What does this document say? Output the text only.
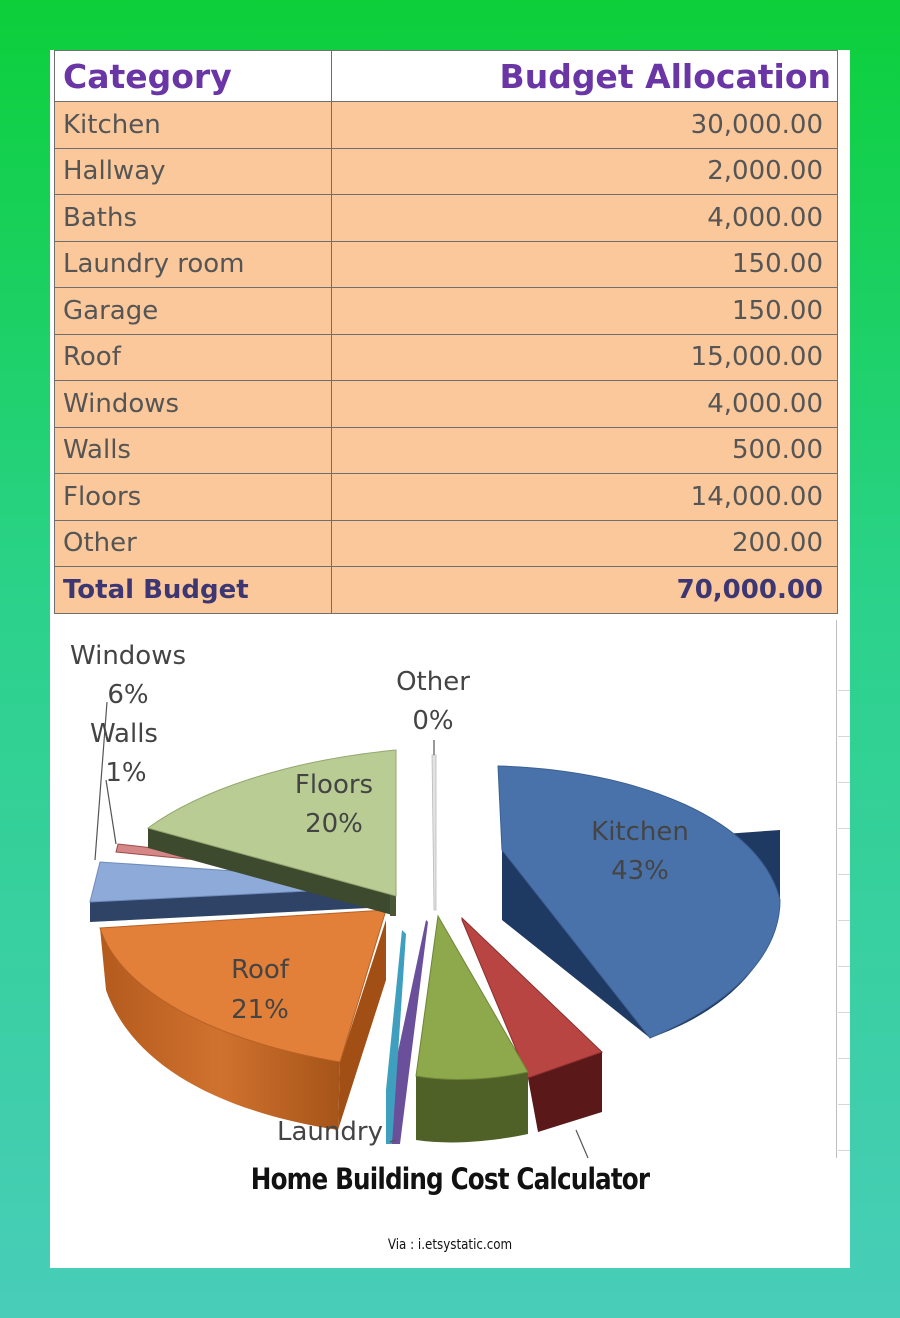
Category	Budget Allocation
Kitchen	30,000.00
Hallway	2,000.00
Baths	4,000.00
Laundry room	150.00
Garage	150.00
Roof	15,000.00
Windows	4,000.00
Walls	500.00
Floors	14,000.00
Other	200.00
Total Budget	70,000.00
Kitchen
43%
Roof
21%
Floors
20%
Windows
6%
Walls
1%
Other
0%
Laundry
Home Building Cost Calculator
Via : i.etsystatic.com
